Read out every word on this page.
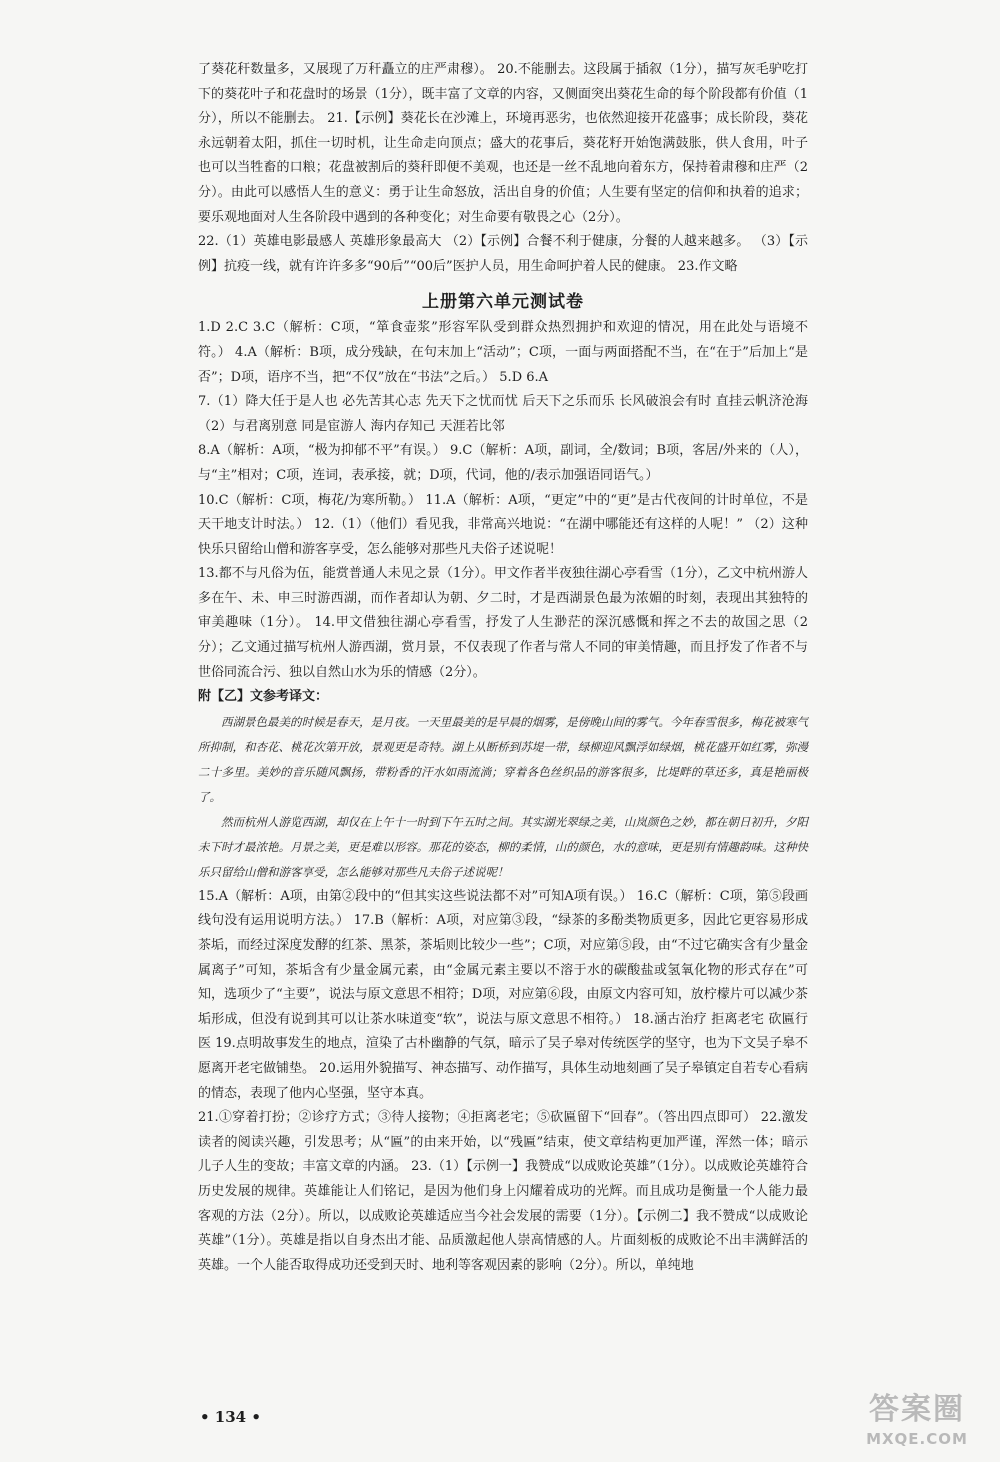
了葵花秆数量多，又展现了万秆矗立的庄严肃穆）。 20.不能删去。这段属于插叙（1分），描写灰毛驴吃打下的葵花叶子和花盘时的场景（1分），既丰富了文章的内容，又侧面突出葵花生命的每个阶段都有价值（1分），所以不能删去。 21.【示例】葵花长在沙滩上，环境再恶劣，也依然迎接开花盛事；成长阶段，葵花永远朝着太阳，抓住一切时机，让生命走向顶点；盛大的花事后，葵花籽开始饱满鼓胀，供人食用，叶子也可以当牲畜的口粮；花盘被割后的葵秆即便不美观，也还是一丝不乱地向着东方，保持着肃穆和庄严（2分）。由此可以感悟人生的意义：勇于让生命怒放，活出自身的价值；人生要有坚定的信仰和执着的追求；要乐观地面对人生各阶段中遇到的各种变化；对生命要有敬畏之心（2分）。

22.（1）英雄电影最感人 英雄形象最高大 （2）【示例】合餐不利于健康，分餐的人越来越多。 （3）【示例】抗疫一线，就有许许多多“90后”“00后”医护人员，用生命呵护着人民的健康。 23.作文略

上册第六单元测试卷

1.D 2.C 3.C（解析：C项，“箪食壶浆”形容军队受到群众热烈拥护和欢迎的情况，用在此处与语境不符。） 4.A（解析：B项，成分残缺，在句末加上“活动”；C项，一面与两面搭配不当，在“在于”后加上“是否”；D项，语序不当，把“不仅”放在“书法”之后。） 5.D 6.A

7.（1）降大任于是人也 必先苦其心志 先天下之忧而忧 后天下之乐而乐 长风破浪会有时 直挂云帆济沧海 （2）与君离别意 同是宦游人 海内存知己 天涯若比邻

8.A（解析：A项，“极为抑郁不平”有误。） 9.C（解析：A项，副词，全/数词；B项，客居/外来的（人），与“主”相对；C项，连词，表承接，就；D项，代词，他的/表示加强语同语气。）

10.C（解析：C项，梅花/为寒所勒。） 11.A（解析：A项，“更定”中的“更”是古代夜间的计时单位，不是天干地支计时法。） 12.（1）（他们）看见我，非常高兴地说：“在湖中哪能还有这样的人呢！” （2）这种快乐只留给山僧和游客享受，怎么能够对那些凡夫俗子述说呢！

13.都不与凡俗为伍，能赏普通人未见之景（1分）。甲文作者半夜独往湖心亭看雪（1分），乙文中杭州游人多在午、未、申三时游西湖，而作者却认为朝、夕二时，才是西湖景色最为浓媚的时刻，表现出其独特的审美趣味（1分）。 14.甲文借独往湖心亭看雪，抒发了人生渺茫的深沉感慨和挥之不去的故国之思（2分）；乙文通过描写杭州人游西湖，赏月景，不仅表现了作者与常人不同的审美情趣，而且抒发了作者不与世俗同流合污、独以自然山水为乐的情感（2分）。

附【乙】文参考译文：

西湖景色最美的时候是春天，是月夜。一天里最美的是早晨的烟雾，是傍晚山间的雾气。今年春雪很多，梅花被寒气所抑制，和杏花、桃花次第开放，景观更是奇特。湖上从断桥到苏堤一带，绿柳迎风飘浮如绿烟，桃花盛开如红雾，弥漫二十多里。美妙的音乐随风飘扬，带粉香的汗水如雨流淌；穿着各色丝织品的游客很多，比堤畔的草还多，真是艳丽极了。

然而杭州人游览西湖，却仅在上午十一时到下午五时之间。其实湖光翠绿之美，山岚颜色之妙，都在朝日初升，夕阳未下时才最浓艳。月景之美，更是难以形容。那花的姿态，柳的柔情，山的颜色，水的意味，更是别有情趣韵味。这种快乐只留给山僧和游客享受，怎么能够对那些凡夫俗子述说呢！

15.A（解析：A项，由第②段中的“但其实这些说法都不对”可知A项有误。） 16.C（解析：C项，第⑤段画线句没有运用说明方法。） 17.B（解析：A项，对应第③段，“绿茶的多酚类物质更多，因此它更容易形成茶垢，而经过深度发酵的红茶、黑茶，茶垢则比较少一些”；C项，对应第⑤段，由“不过它确实含有少量金属离子”可知，茶垢含有少量金属元素，由“金属元素主要以不溶于水的碳酸盐或氢氧化物的形式存在”可知，选项少了“主要”，说法与原文意思不相符；D项，对应第⑥段，由原文内容可知，放柠檬片可以减少茶垢形成，但没有说到其可以让茶水味道变“软”，说法与原文意思不相符。） 18.涵古治疗 拒离老宅 砍匾行医 19.点明故事发生的地点，渲染了古朴幽静的气氛，暗示了吴子皋对传统医学的坚守，也为下文吴子皋不愿离开老宅做铺垫。 20.运用外貌描写、神态描写、动作描写，具体生动地刻画了吴子皋镇定自若专心看病的情态，表现了他内心坚强，坚守本真。

21.①穿着打扮；②诊疗方式；③待人接物；④拒离老宅；⑤砍匾留下“回春”。（答出四点即可） 22.激发读者的阅读兴趣，引发思考；从“匾”的由来开始，以“残匾”结束，使文章结构更加严谨，浑然一体；暗示儿子人生的变故；丰富文章的内涵。 23.（1）【示例一】我赞成“以成败论英雄”（1分）。以成败论英雄符合历史发展的规律。英雄能让人们铭记，是因为他们身上闪耀着成功的光辉。而且成功是衡量一个人能力最客观的方法（2分）。所以，以成败论英雄适应当今社会发展的需要（1分）。【示例二】我不赞成“以成败论英雄”（1分）。英雄是指以自身杰出才能、品质激起他人崇高情感的人。片面刻板的成败论不出丰满鲜活的英雄。一个人能否取得成功还受到天时、地利等客观因素的影响（2分）。所以，单纯地

• 134 •	答案圈
MXQE.COM
